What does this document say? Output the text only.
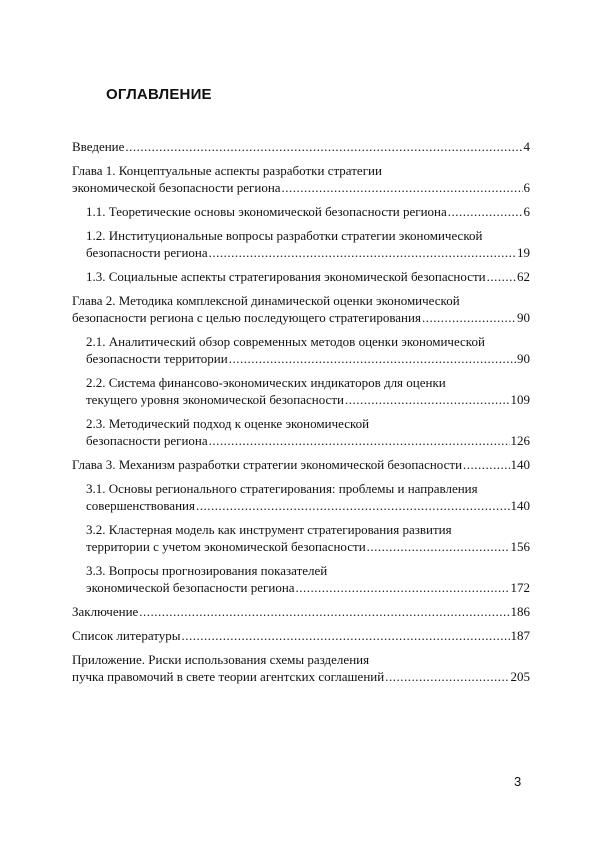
ОГЛАВЛЕНИЕ
Введение .....	4
Глава 1. Концептуальные аспекты разработки стратегии
экономической безопасности региона .....	6
1.1. Теоретические основы экономической безопасности региона .....	6
1.2. Институциональные вопросы разработки стратегии экономической
безопасности региона .....	19
1.3. Социальные аспекты стратегирования экономической безопасности ..... 62
Глава 2. Методика комплексной динамической оценки экономической
безопасности региона с целью последующего стратегирования .....	90
2.1. Аналитический обзор современных методов оценки экономической
безопасности территории .....	90
2.2. Система финансово-экономических индикаторов для оценки
текущего уровня экономической безопасности .....	109
2.3. Методический подход к оценке экономической
безопасности региона .....	126
Глава 3. Механизм разработки стратегии экономической безопасности .....	140
3.1. Основы регионального стратегирования: проблемы и направления
совершенствования .....	140
3.2. Кластерная модель как инструмент стратегирования развития
территории с учетом экономической безопасности .....	156
3.3. Вопросы прогнозирования показателей
экономической безопасности региона .....	172
Заключение .....	186
Список литературы .....	187
Приложение. Риски использования схемы разделения
пучка правомочий в свете теории агентских соглашений .....	205
3
